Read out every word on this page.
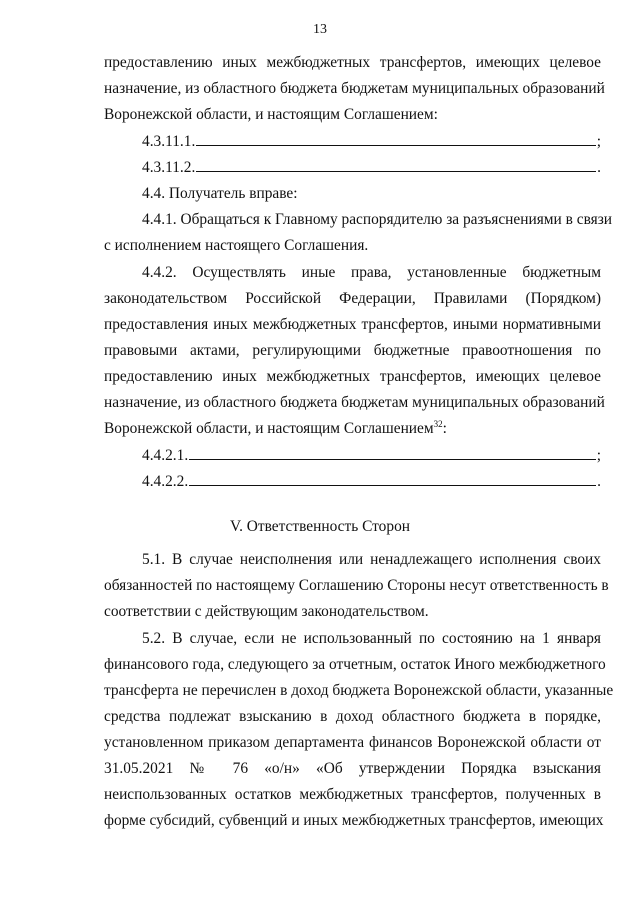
13
предоставлению иных межбюджетных трансфертов, имеющих целевое
назначение, из областного бюджета бюджетам муниципальных образований
Воронежской области, и настоящим Соглашением:
4.3.11.1.	;
4.3.11.2.	.
4.4. Получатель вправе:
4.4.1. Обращаться к Главному распорядителю за разъяснениями в связи
с исполнением настоящего Соглашения.
4.4.2. Осуществлять иные права, установленные бюджетным
законодательством Российской Федерации, Правилами (Порядком)
предоставления иных межбюджетных трансфертов, иными нормативными
правовыми актами, регулирующими бюджетные правоотношения по
предоставлению иных межбюджетных трансфертов, имеющих целевое
назначение, из областного бюджета бюджетам муниципальных образований
Воронежской области, и настоящим Соглашением$^{32}$:
4.4.2.1.	;
4.4.2.2.	.
V. Ответственность Сторон
5.1. В случае неисполнения или ненадлежащего исполнения своих
обязанностей по настоящему Соглашению Стороны несут ответственность в
соответствии с действующим законодательством.
5.2. В случае, если не использованный по состоянию на 1 января
финансового года, следующего за отчетным, остаток Иного межбюджетного
трансферта не перечислен в доход бюджета Воронежской области, указанные
средства подлежат взысканию в доход областного бюджета в порядке,
установленном приказом департамента финансов Воронежской области от
31.05.2021 № 76 «о/н» «Об утверждении Порядка взыскания
неиспользованных остатков межбюджетных трансфертов, полученных в
форме субсидий, субвенций и иных межбюджетных трансфертов, имеющих
